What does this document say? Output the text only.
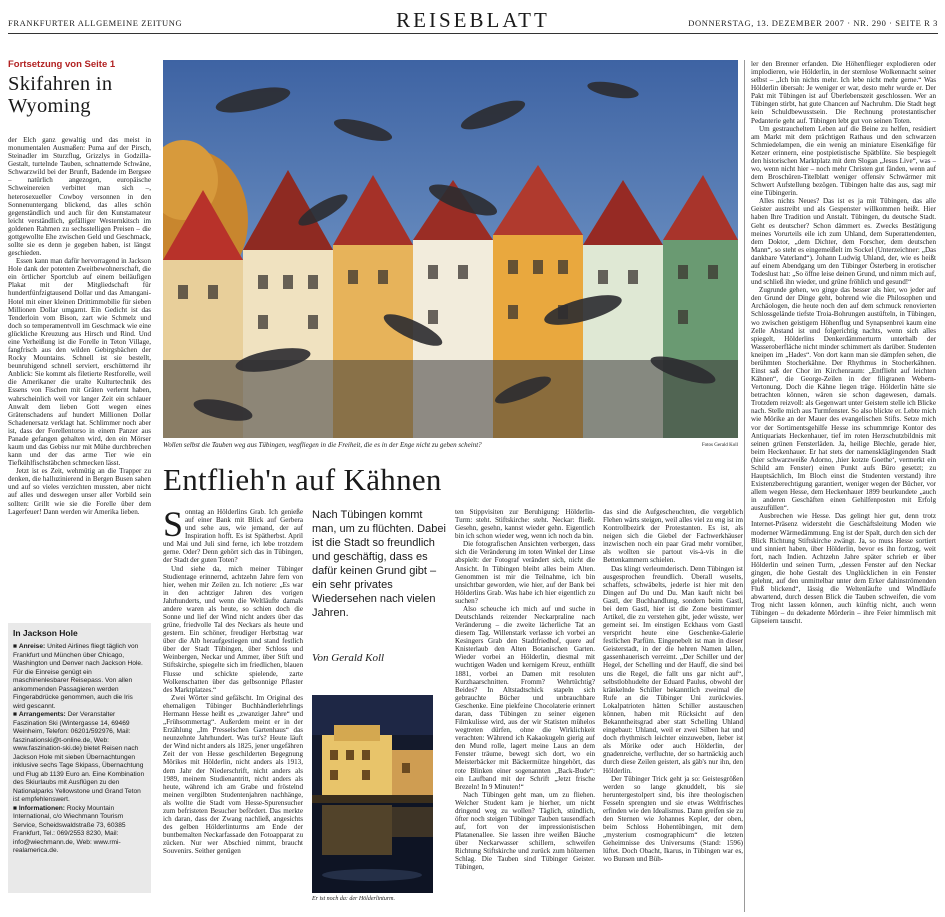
FRANKFURTER ALLGEMEINE ZEITUNG	REISEBLATT	DONNERSTAG, 13. DEZEMBER 2007 · NR. 290 · SEITE R 3
Fortsetzung von Seite 1
Skifahren in Wyoming

der Elch ganz gewaltig und das meist in monumentalen Ausmaßen: Puma auf der Pirsch, Steinadler im Sturzflug, Grizzlys in Godzilla-Gestalt, turtelnde Tauben, schnatternde Schwäne, Schwarzwild bei der Brunft, Badende im Bergsee – natürlich angezogen, europäische Schweinereien verbittet man sich –, heterosexueller Cowboy versonnen in den Sonnenuntergang blickend, das alles schön gegenständlich und auch für den Kunstamateur leicht verständlich, gefälliger Westernkitsch im goldenen Rahmen zu sechsstelligen Preisen – die gottgewollte Ehe zwischen Geld und Geschmack, sollte sie es denn je gegeben haben, ist längst geschieden.

Essen kann man dafür hervorragend in Jackson Hole dank der potenten Zweitbewohnerschaft, die ein örtlicher Sportclub auf einem beiläufigen Plakat mit der Mitgliedschaft für hundertfünfzigtausend Dollar und das Amangani-Hotel mit einer kleinen Drittimmobilie für sieben Millionen Dollar umgarnt. Ein Gedicht ist das Tenderloin vom Bison, zart wie Schmelz und doch so temperamentvoll im Geschmack wie eine glückliche Kreuzung aus Hirsch und Rind. Und eine Verheißung ist die Forelle in Teton Village, fangfrisch aus den wilden Gebirgsbächen der Rocky Mountains. Schnell ist sie bestellt, beunruhigend schnell serviert, erschütternd ihr Anblick: Sie kommt als filetierte Restforelle, weil die Amerikaner die uralte Kulturtechnik des Essens von Fischen mit Gräten verlernt haben, wahrscheinlich weil vor langer Zeit ein schlauer Anwalt dem lieben Gott wegen eines Grätenschadens auf hundert Millionen Dollar Schadenersatz verklagt hat. Schlimmer noch aber ist, dass der Forellentorso in einem Panzer aus Panade gefangen gehalten wird, den ein Mörser kaum und das Gebiss nur mit Mühe durchbrechen kann und der das arme Tier wie ein Tiefkühlfischstäbchen schmecken lässt.

Jetzt ist es Zeit, wehmütig an die Trapper zu denken, die halluzinierend in Bergen Busen sahen und auf so vieles verzichten mussten, aber nicht auf alles und deswegen unser aller Vorbild sein sollten: Grillt wie sie die Forelle über dem Lagerfeuer! Dann werden wir Amerika lieben.

In Jackson Hole

■ Anreise: United Airlines fliegt täglich von Frankfurt und München über Chicago, Washington und Denver nach Jackson Hole. Für die Einreise genügt ein maschinenlesbarer Reisepass. Von allen ankommenden Passagieren werden Fingerabdrücke genommen, auch die Iris wird gescannt.

■ Arrangements: Der Veranstalter Faszination Ski (Wintergasse 14, 69469 Weinheim, Telefon: 06201/592976, Mail: faszinationski@t-online.de, Web: www.faszination-ski.de) bietet Reisen nach Jackson Hole mit sieben Übernachtungen inklusive sechs Tage Skipass, Übernachtung und Flug ab 1139 Euro an. Eine Kombination des Skiurlaubs mit Ausflügen zu den Nationalparks Yellowstone und Grand Teton ist empfehlenswert.

■ Informationen: Rocky Mountain International, c/o Wiechmann Tourism Service, Scheidswaldstraße 73, 60385 Frankfurt, Tel.: 069/2553 8230, Mail: info@wiechmann.de, Web: www.rmi-realamerica.de.

Wollen selbst die Tauben weg aus Tübingen, wegfliegen in die Freiheit, die es in der Enge nicht zu geben scheint?	Fotos Gerald Koll
Entflieh'n auf Kähnen

Sonntag an Hölderlins Grab. Ich genieße auf einer Bank mit Blick auf Gerbera und sehe aus, wie jemand, der auf Inspiration hofft. Es ist Spätherbst. April und Mai und Juli sind ferne, ich lebe trotzdem gerne. Oder? Denn gehört sich das in Tübingen, der Stadt der guten Toten?

Und siehe da, mich meiner Tübinger Studientage erinnernd, achtzehn Jahre fern von hier, wehen mir Zeilen zu. Ich notiere: „Es war in den achtziger Jahren des vorigen Jahrhunderts, und wenn die Weltläufte damals andere waren als heute, so schien doch die Sonne und lief der Wind nicht anders über das grüne, friedvolle Tal des Neckars als heute und gestern. Ein schöner, freudiger Herbsttag war über die Alb heraufgestiegen und stand festlich über der Stadt Tübingen, über Schloss und Weinbergen, Neckar und Ammer, über Stift und Stiftskirche, spiegelte sich im friedlichen, blauen Flusse und schickte spielende, zarte Wolkenschatten über das gelbsonnige Pflaster des Marktplatzes.“

Zwei Wörter sind gefälscht. Im Original des ehemaligen Tübinger Buchhändlerlehrlings Hermann Hesse heißt es „zwanziger Jahre“ und „Frühsommertag“. Außerdem meint er in der Erzählung „Im Presselschen Gartenhaus“ das neunzehnte Jahrhundert. Was tut's? Heute läuft der Wind nicht anders als 1825, jener ungefähren Zeit der von Hesse geschilderten Begegnung Mörikes mit Hölderlin, nicht anders als 1913, dem Jahr der Niederschrift, nicht anders als 1989, meinem Studienantritt, nicht anders als heute, während ich am Grabe und fröstelnd meinen vergilbten Studentenjahren nachhänge, als wollte die Stadt vom Hesse-Spurensucher zum befristeten Besucher befördert. Das merkte ich daran, dass der Zwang nachließ, angesichts des gelben Hölderlinturms am Ende der buntbemalten Neckarfassade den Fotoapparat zu zücken. Nur wer Abschied nimmt, braucht Souvenirs. Seither genügen

Nach Tübingen kommt man, um zu flüchten. Dabei ist die Stadt so freundlich und geschäftig, dass es dafür keinen Grund gibt – ein sehr privates Wiedersehen nach vielen Jahren.
Von Gerald Koll
Er ist noch da: der Hölderlinturm.

ten Stippvisiten zur Beruhigung: Hölderlin-Turm: steht. Stiftskirche: steht. Neckar: fließt. Gesehn, gesehn, kannst wieder gehn. Eigentlich bin ich schon wieder weg, wenn ich noch da bin.

Die fotografischen Ansichten verbergen, dass sich die Veränderung im toten Winkel der Linse abspielt: der Fotograf verändert sich, nicht die Ansicht. In Tübingen bleibt alles beim Alten. Genommen ist mir die Teilnahme, ich bin unsichtbar geworden, wie hier, auf der Bank bei Hölderlins Grab. Was habe ich hier eigentlich zu suchen?

Also scheuche ich mich auf und suche in Deutschlands reizender Neckarpraline nach Veränderung – die zweite lächerliche Tat an diesem Tag. Willenstark verlasse ich vorbei an Kesingers Grab den Stadtfriedhof, quere auf Knisterlaub den Alten Botanischen Garten. Wieder vorbei an Hölderlin, diesmal mit wuchtigen Waden und kernigem Kreuz, enthüllt 1881, vorbei an Damen mit resoluten Kurzhaarschnitten. Fromm? Wehrtüchtig? Beides? In Altstadtschick stapeln sich gebrauchte Bücher und unbrauchbare Geschenke. Eine piekfeine Chocolaterie erinnert daran, dass Tübingen zu seiner eigenen Filmkulisse wird, aus der wir Statisten mühelos wegtreten dürfen, ohne die Wirklichkeit verachten: Während ich Kakaokugeln gierig auf den Mund rolle, lagert meine Laus an dem Fenster träume, bewegt sich dort, wo ein Meisterbäcker mit Bäckermütze hingehört, das rote Blinken einer sogenannten „Back-Bude“: ein Laufband mit der Schrift „Jetzt frische Brezeln! In 9 Minuten!“

Nach Tübingen geht man, um zu fliehen. Welcher Student kam je hierher, um nicht dringend weg zu wollen? Täglich, stündlich, öfter noch steigen Tübinger Tauben tausendfach auf, fort von der impressionistischen Platanenallee. Sie lassen ihre weißen Bäuche über Neckarwasser schillern, schweifen Richtung Stiftskirche und zurück zum hölzernen Schlag. Die Tauben sind Tübinger Geister. Tübingen,

das sind die Aufgescheuchten, die vergeblich Flehen wärts steigen, weil alles viel zu eng ist im Kontrollbezirk der Protestanten. Es ist, als neigen sich die Giebel der Fachwerkhäuser inzwischen noch ein paar Grad mehr vornüber, als wollten sie partout vis-à-vis in die Bettenkammern schielen.

Das klingt verleumderisch. Denn Tübingen ist ausgesprochen freundlich. Überall wuselts, schaffets, schwäbelts, jederle ist hier mit den Dingen auf Du und Du. Man kauft nicht bei Gastl, der Buchhandlung, sondern beim Gastl, bei dem Gastl, hier ist die Zone bestimmter Artikel, die zu verstehen gibt, jeder wüsste, wer gemeint sei. Im einstigen Eckhaus vom Gastl verspricht heute eine Geschenke-Galerie festlichen Parfüm. Eingenebelt ist man in dieser Geisterstadt, in der die hehren Namen lallen, gassenhauerisch verreimt. „Der Schiller und der Hegel, der Schelling und der Hauff, die sind bei uns die Regel, die fallt uns gar nicht auf“, selbstlobhudelte der Eduard Paulus, obwohl der kränkelnde Schiller bekanntlich zweimal die Rufe an die Tübinger Uni zurückwies. Lokalpatrioten hätten Schiller austauschen können, haben mit Rücksicht auf den Bekanntheitsgrad aber statt Schelling Uhland eingebaut: Uhland, weil er zwei Silben hat und doch rhythmisch leichter einzuweben, lieber ist als Mörike oder auch Hölderlin, der gnadenreiche, verfluchte, der so hartnäckig auch durch diese Zeilen geistert, als gäb's nur ihn, den Hölderlin.

Der Tübinger Trick geht ja so: Geistesgrößen werden so lange gknuddelt, bis sie heruntergestolpert sind, bis ihre theologischen Fesseln sprengten und sie etwas Weltfrisches erfinden wie den Idealismus. Dann greifen sie zu den Sternen wie Johannes Kepler, der oben, beim Schloss Hohentübingen, mit dem „mysterium cosmographicum“ die letzten Geheimnisse des Universums (Stand: 1596) lüftet. Doch Obacht, Ikarus, in Tübingen war es, wo Bunsen und Büh-

ler den Brenner erfanden. Die Höhenflieger explodieren oder implodieren, wie Hölderlin, in der sternlose Wolkennacht seiner selbst – „Ich bin nichts mehr. Ich lebe nicht mehr gerne.“ Was Hölderlin übersah: Je weniger er war, desto mehr wurde er. Der Pakt mit Tübingen ist auf Überlebenszeit geschlossen. Wer an Tübingen stirbt, hat gute Chancen auf Nachruhm. Die Stadt hegt kein Schuldbewusstsein. Die Rechnung protestantischer Pedanterie geht auf. Tübingen lebt gut von seinen Toten.

Um gestraucheltem Leben auf die Beine zu helfen, residiert am Markt mit dem prächtigen Rathaus und den schwarzen Schmiedelampen, die ein wenig an miniature Eisenkäfige für Ketzer erinnern, eine postpietistische Spätblüte. Sie bespiegelt den historischen Marktplatz mit dem Slogan „Jesus Live“, was – wo, wenn nicht hier – noch mehr Christen gut fänden, wenn auf dem Broschüren-Titelblatt weniger offensiv Schwärmer mit Schwert Aufstellung bezögen. Tübingen halte das aus, sagt mir eine Tübingerin.

Alles nichts Neues? Das ist es ja mit Tübingen, das alle Geister austreibt und als Gespenster willkommen heißt. Hier haben Ihre Tradition und Anstalt. Tübingen, du deutsche Stadt. Geht es deutscher? Schon dämmert es. Zwecks Bestätigung meines Vorurteils eile ich zum Uhland, dem Superattendenten, dem Doktor, „dem Dichter, dem Forscher, dem deutschen Mann“, so steht es eingemeißelt im Sockel (Unterzeichner: „Das dankbare Vaterland“). Johann Ludwig Uhland, der, wie es heißt auf einem Abendgang um den Tübinger Österberg in erotischer Todeslust hat: „So öffne leise deinen Grund, und nimm mich auf, und schließ ihn wieder, und grüne fröhlich und gesund!“

Zugrunde gehen, wo ginge das besser als hier, wo jeder auf den Grund der Dinge geht, bohrend wie die Philosophen und Archäologen, die heute noch den auf dem schmuck renovierten Schlossgelände tiefste Troia-Bohrungen austüfteln, in Tübingen, wo zwischen geistigem Höhenflug und Synapsenbrei kaum eine Zelle Abstand ist und folgerichtig nachts, wenn sich alles spiegelt, Hölderlins Denkerdämmerturm unterhalb der Wasseroberfläche nicht minder schimmert als darüber. Studenten kneipen im „Hades“. Von dort kann man sie dämpfen sehen, die berühmten Stocherkähne. Der Rhythmus in Stocherkähnen. Einst saß der Chor im Kirchenraum: „Entflieht auf leichten Kähnen“, die George-Zeilen in der filigranen Webern-Vertonung. Doch die Kähne liegen träge. Hölderlin hätte sie betrachten können, wären sie schon dagewesen, damals. Trotzdem reizvoll: als Gegenwart unter Geistern stelle ich Blicke nach. Stelle mich aus Turmfenster. So also blickte er. Lebte mich wie Mörike an der Mauer des evangelischen Stifts. Setze mich vor der Sortimentsgehilfe Hesse ins schummrige Kontor des Antiquariats Heckenhauer, tief im roten Herzschutzbildnis mit seinen grünen Fensterläden. Ja, heilige Blechle, gerade hier, beim Heckenhauer. Er hat stets der namenskläglingenden Stadt (hier schwarzweiße Adorno, ,hier kotzte Goethe‘, vermerkt ein Schild am Fenster) einen Punkt aufs Büro gesetzt; zu Hauptsächlich, Im Bloch einst die Studenten verstand) ihre Existenzberechtigung garantiert, weniger wegen der Bücher, vor allem wegen Hesse, dem Heckenhauer 1899 beurkundete „auch in anderen Geschäften einen Gehilfenposten mit Erfolg auszufüllen“.

Ausbrechen wie Hesse. Das gelingt hier gut, denn trotz Internet-Präsenz widersteht die Geschäftsleitung Moden wie moderner Wärmedämmung. Eng ist der Spalt, durch den sich der Blick Richtung Stiftskirche zwängt. Ja, so muss Hesse sortiert und sinniert haben, über Hölderlin, bevor es ihn fortzog, weit fort, nach Indien. Achtzehn Jahre später schrieb er über Hölderlin und seinen Turm, „dessen Fenster auf den Neckar gingen, die hohe Gestalt des Unglücklichen in ein Fenster gelehnt, auf den unmittelbar unter dem Erker dahinströmenden Fluß blickend“, lässig die Weltenläufte und Windläufe abwartend, durch dessen Blick die Tauben schweifen, die vom Trog nicht lassen können, auch künftig nicht, auch wenn Tübingen – du dekadente Mörderin – ihre Feier himmlisch mit Gipseiern tauscht.
